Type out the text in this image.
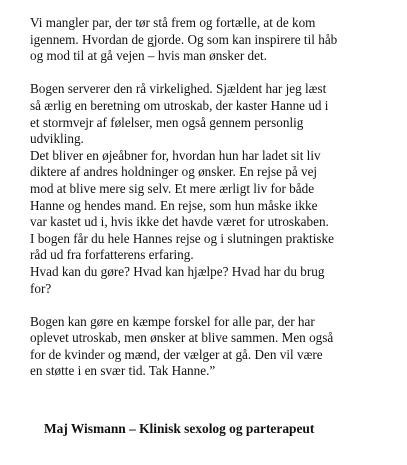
Vi mangler par, der tør stå frem og fortælle, at de kom
igennem. Hvordan de gjorde. Og som kan inspirere til håb
og mod til at gå vejen – hvis man ønsker det.

Bogen serverer den rå virkelighed. Sjældent har jeg læst
så ærlig en beretning om utroskab, der kaster Hanne ud i
et stormvejr af følelser, men også gennem personlig
udvikling.
Det bliver en øjeåbner for, hvordan hun har ladet sit liv
diktere af andres holdninger og ønsker. En rejse på vej
mod at blive mere sig selv. Et mere ærligt liv for både
Hanne og hendes mand. En rejse, som hun måske ikke
var kastet ud i, hvis ikke det havde været for utroskaben.
I bogen får du hele Hannes rejse og i slutningen praktiske
råd ud fra forfatterens erfaring.
Hvad kan du gøre? Hvad kan hjælpe? Hvad har du brug
for?

Bogen kan gøre en kæmpe forskel for alle par, der har
oplevet utroskab, men ønsker at blive sammen. Men også
for de kvinder og mænd, der vælger at gå. Den vil være
en støtte i en svær tid. Tak Hanne.”

Maj Wismann – Klinisk sexolog og parterapeut
